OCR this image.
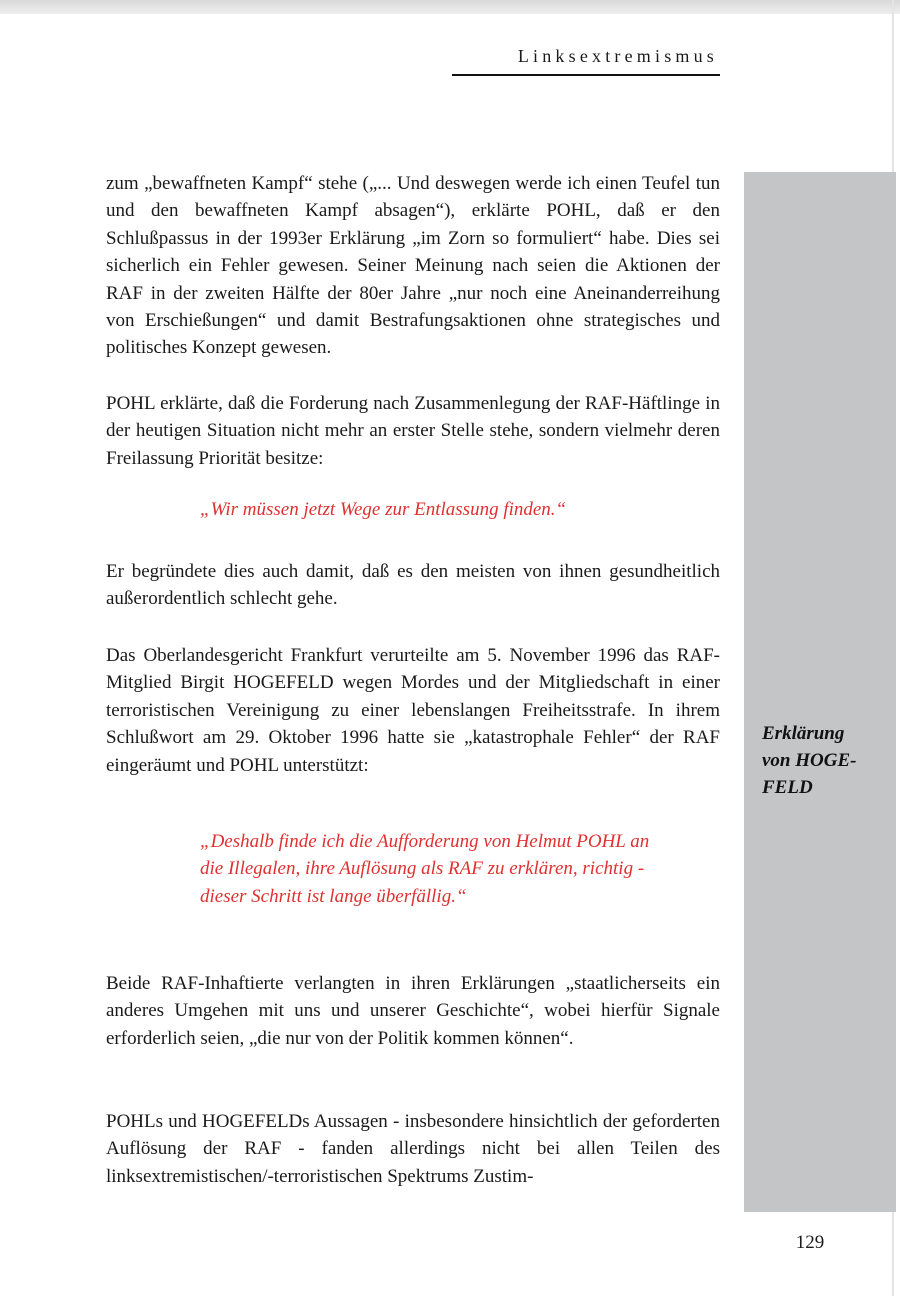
Linksextremismus
Erklärung
von HOGE-
FELD

zum „bewaffneten Kampf“ stehe („... Und deswegen werde ich einen Teufel tun und den bewaffneten Kampf absagen“), erklärte POHL, daß er den Schlußpassus in der 1993er Erklärung „im Zorn so formuliert“ habe. Dies sei sicherlich ein Fehler gewesen. Seiner Meinung nach seien die Aktionen der RAF in der zweiten Hälfte der 80er Jahre „nur noch eine Aneinanderreihung von Erschießungen“ und damit Bestrafungsaktionen ohne strategisches und politisches Konzept gewesen.

POHL erklärte, daß die Forderung nach Zusammenlegung der RAF-Häftlinge in der heutigen Situation nicht mehr an erster Stelle stehe, sondern vielmehr deren Freilassung Priorität besitze:

„Wir müssen jetzt Wege zur Entlassung finden.“

Er begründete dies auch damit, daß es den meisten von ihnen gesundheitlich außerordentlich schlecht gehe.

Das Oberlandesgericht Frankfurt verurteilte am 5. November 1996 das RAF-Mitglied Birgit HOGEFELD wegen Mordes und der Mitgliedschaft in einer terroristischen Vereinigung zu einer lebenslangen Freiheitsstrafe. In ihrem Schlußwort am 29. Oktober 1996 hatte sie „katastrophale Fehler“ der RAF eingeräumt und POHL unterstützt:

„Deshalb finde ich die Aufforderung von Helmut POHL an die Illegalen, ihre Auflösung als RAF zu erklären, richtig - dieser Schritt ist lange überfällig.“

Beide RAF-Inhaftierte verlangten in ihren Erklärungen „staatlicherseits ein anderes Umgehen mit uns und unserer Geschichte“, wobei hierfür Signale erforderlich seien, „die nur von der Politik kommen können“.

POHLs und HOGEFELDs Aussagen - insbesondere hinsichtlich der geforderten Auflösung der RAF - fanden allerdings nicht bei allen Teilen des linksextremistischen/-terroristischen Spektrums Zustim-

129
